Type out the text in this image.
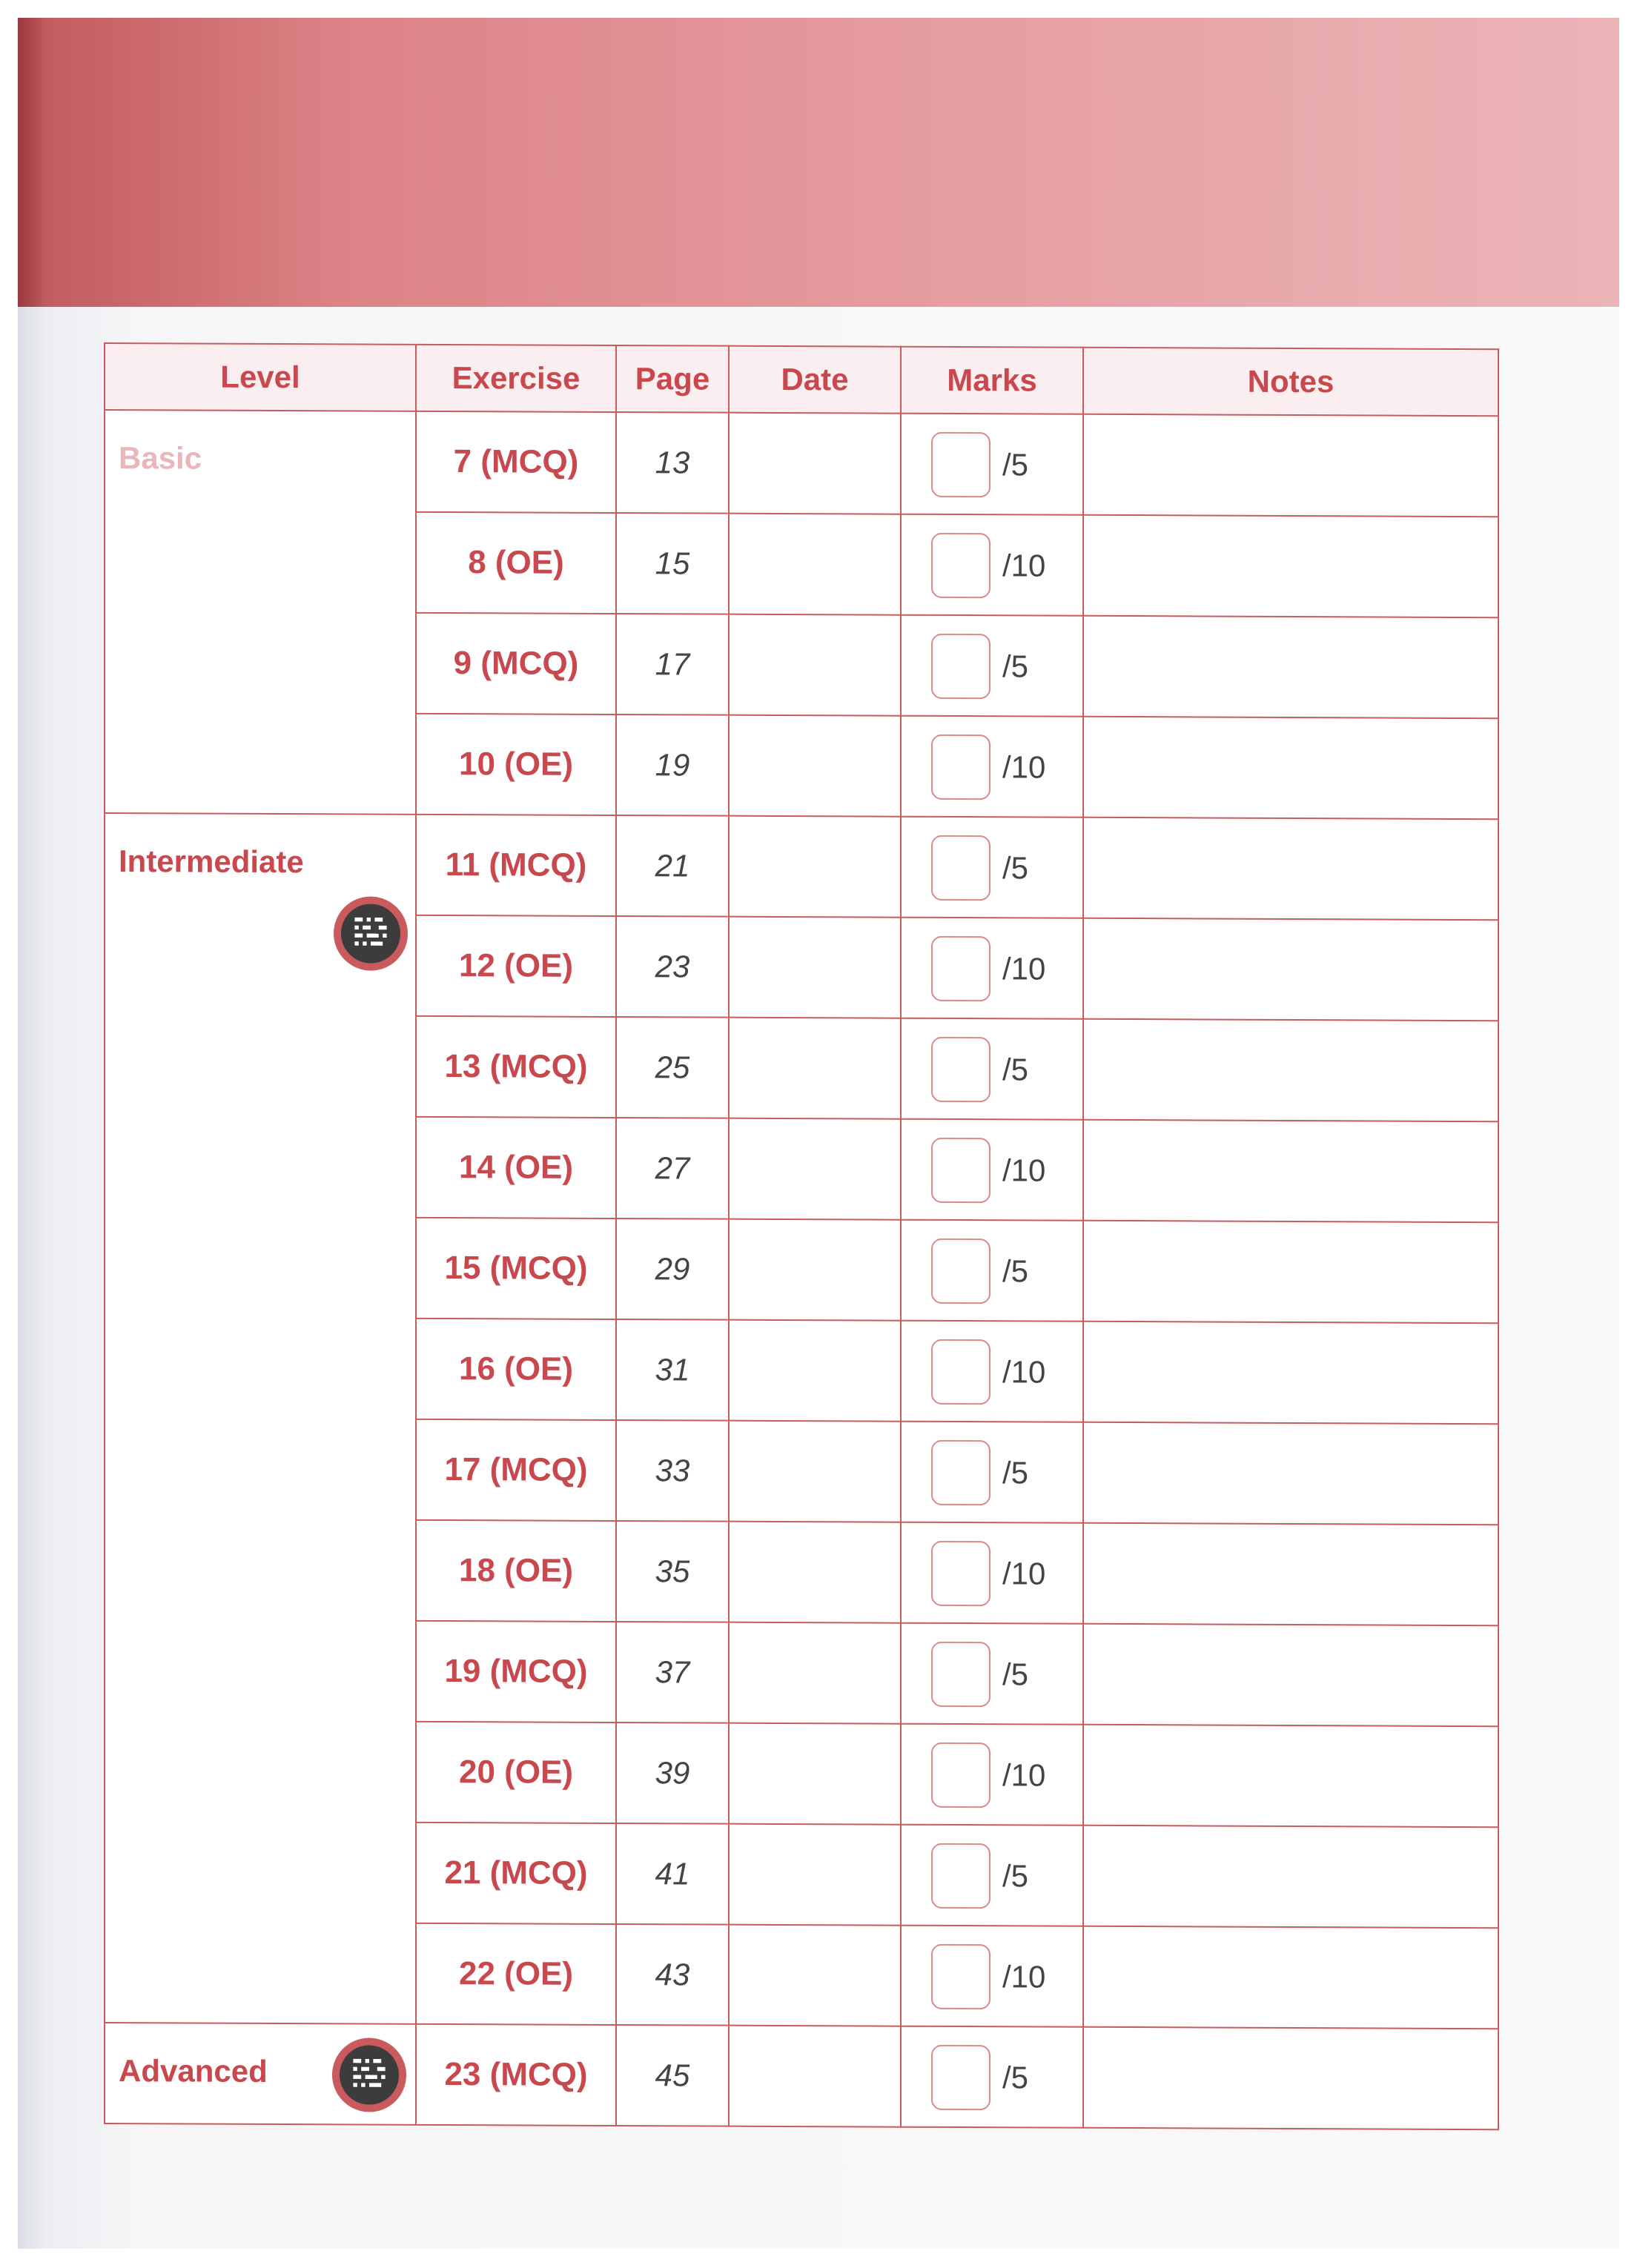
Level	Exercise	Page	Date	Marks	Notes

Basic	7 (MCQ)	13		/5	

	8 (OE)	15		/10	

	9 (MCQ)	17		/5	

	10 (OE)	19		/10	

Intermediate	11 (MCQ)	21		/5	

	12 (OE)	23		/10	

	13 (MCQ)	25		/5	

	14 (OE)	27		/10	

	15 (MCQ)	29		/5	

	16 (OE)	31		/10	

	17 (MCQ)	33		/5	

	18 (OE)	35		/10	

	19 (MCQ)	37		/5	

	20 (OE)	39		/10	

	21 (MCQ)	41		/5	

	22 (OE)	43		/10	

Advanced	23 (MCQ)	45		/5	
